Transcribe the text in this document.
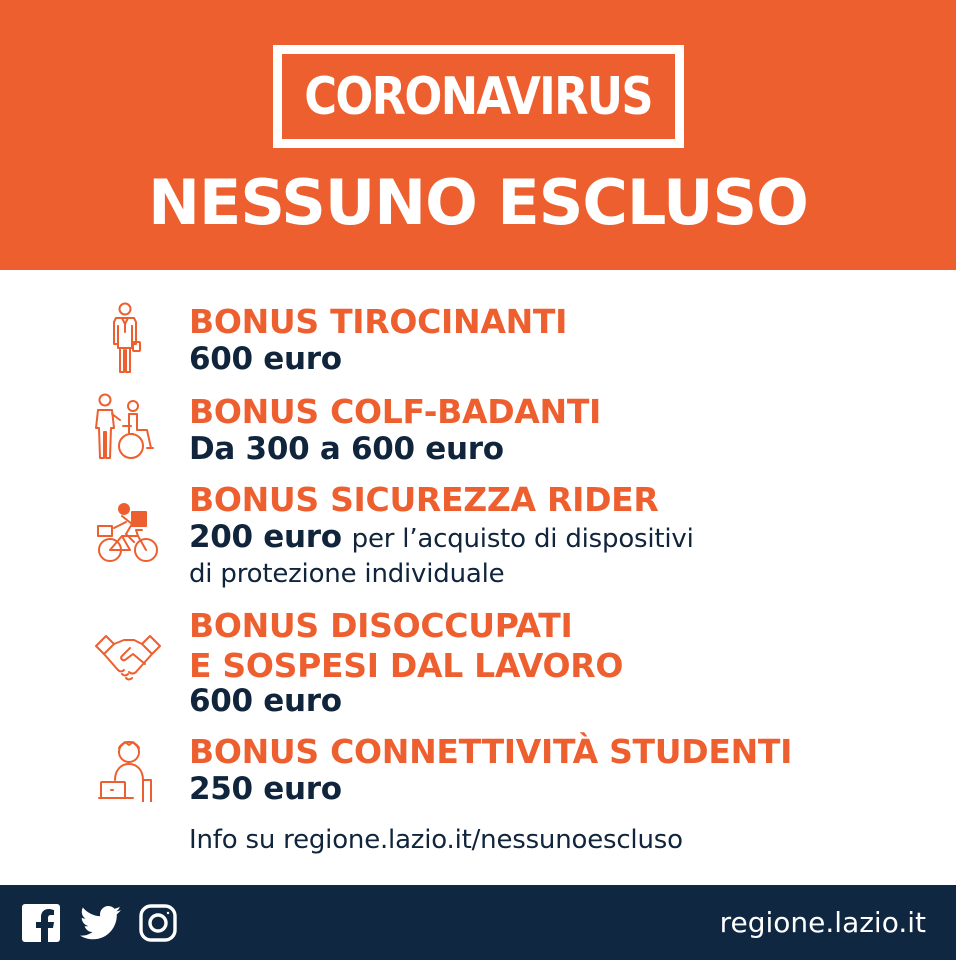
CORONAVIRUS
NESSUNO ESCLUSO
BONUS TIROCINANTI
600 euro
BONUS COLF-BADANTI
Da 300 a 600 euro
BONUS SICUREZZA RIDER
200 euro per l’acquisto di dispositivi
di protezione individuale
BONUS DISOCCUPATI
E SOSPESI DAL LAVORO
600 euro
BONUS CONNETTIVITÀ STUDENTI
250 euro
Info su regione.lazio.it/nessunoescluso
regione.lazio.it
